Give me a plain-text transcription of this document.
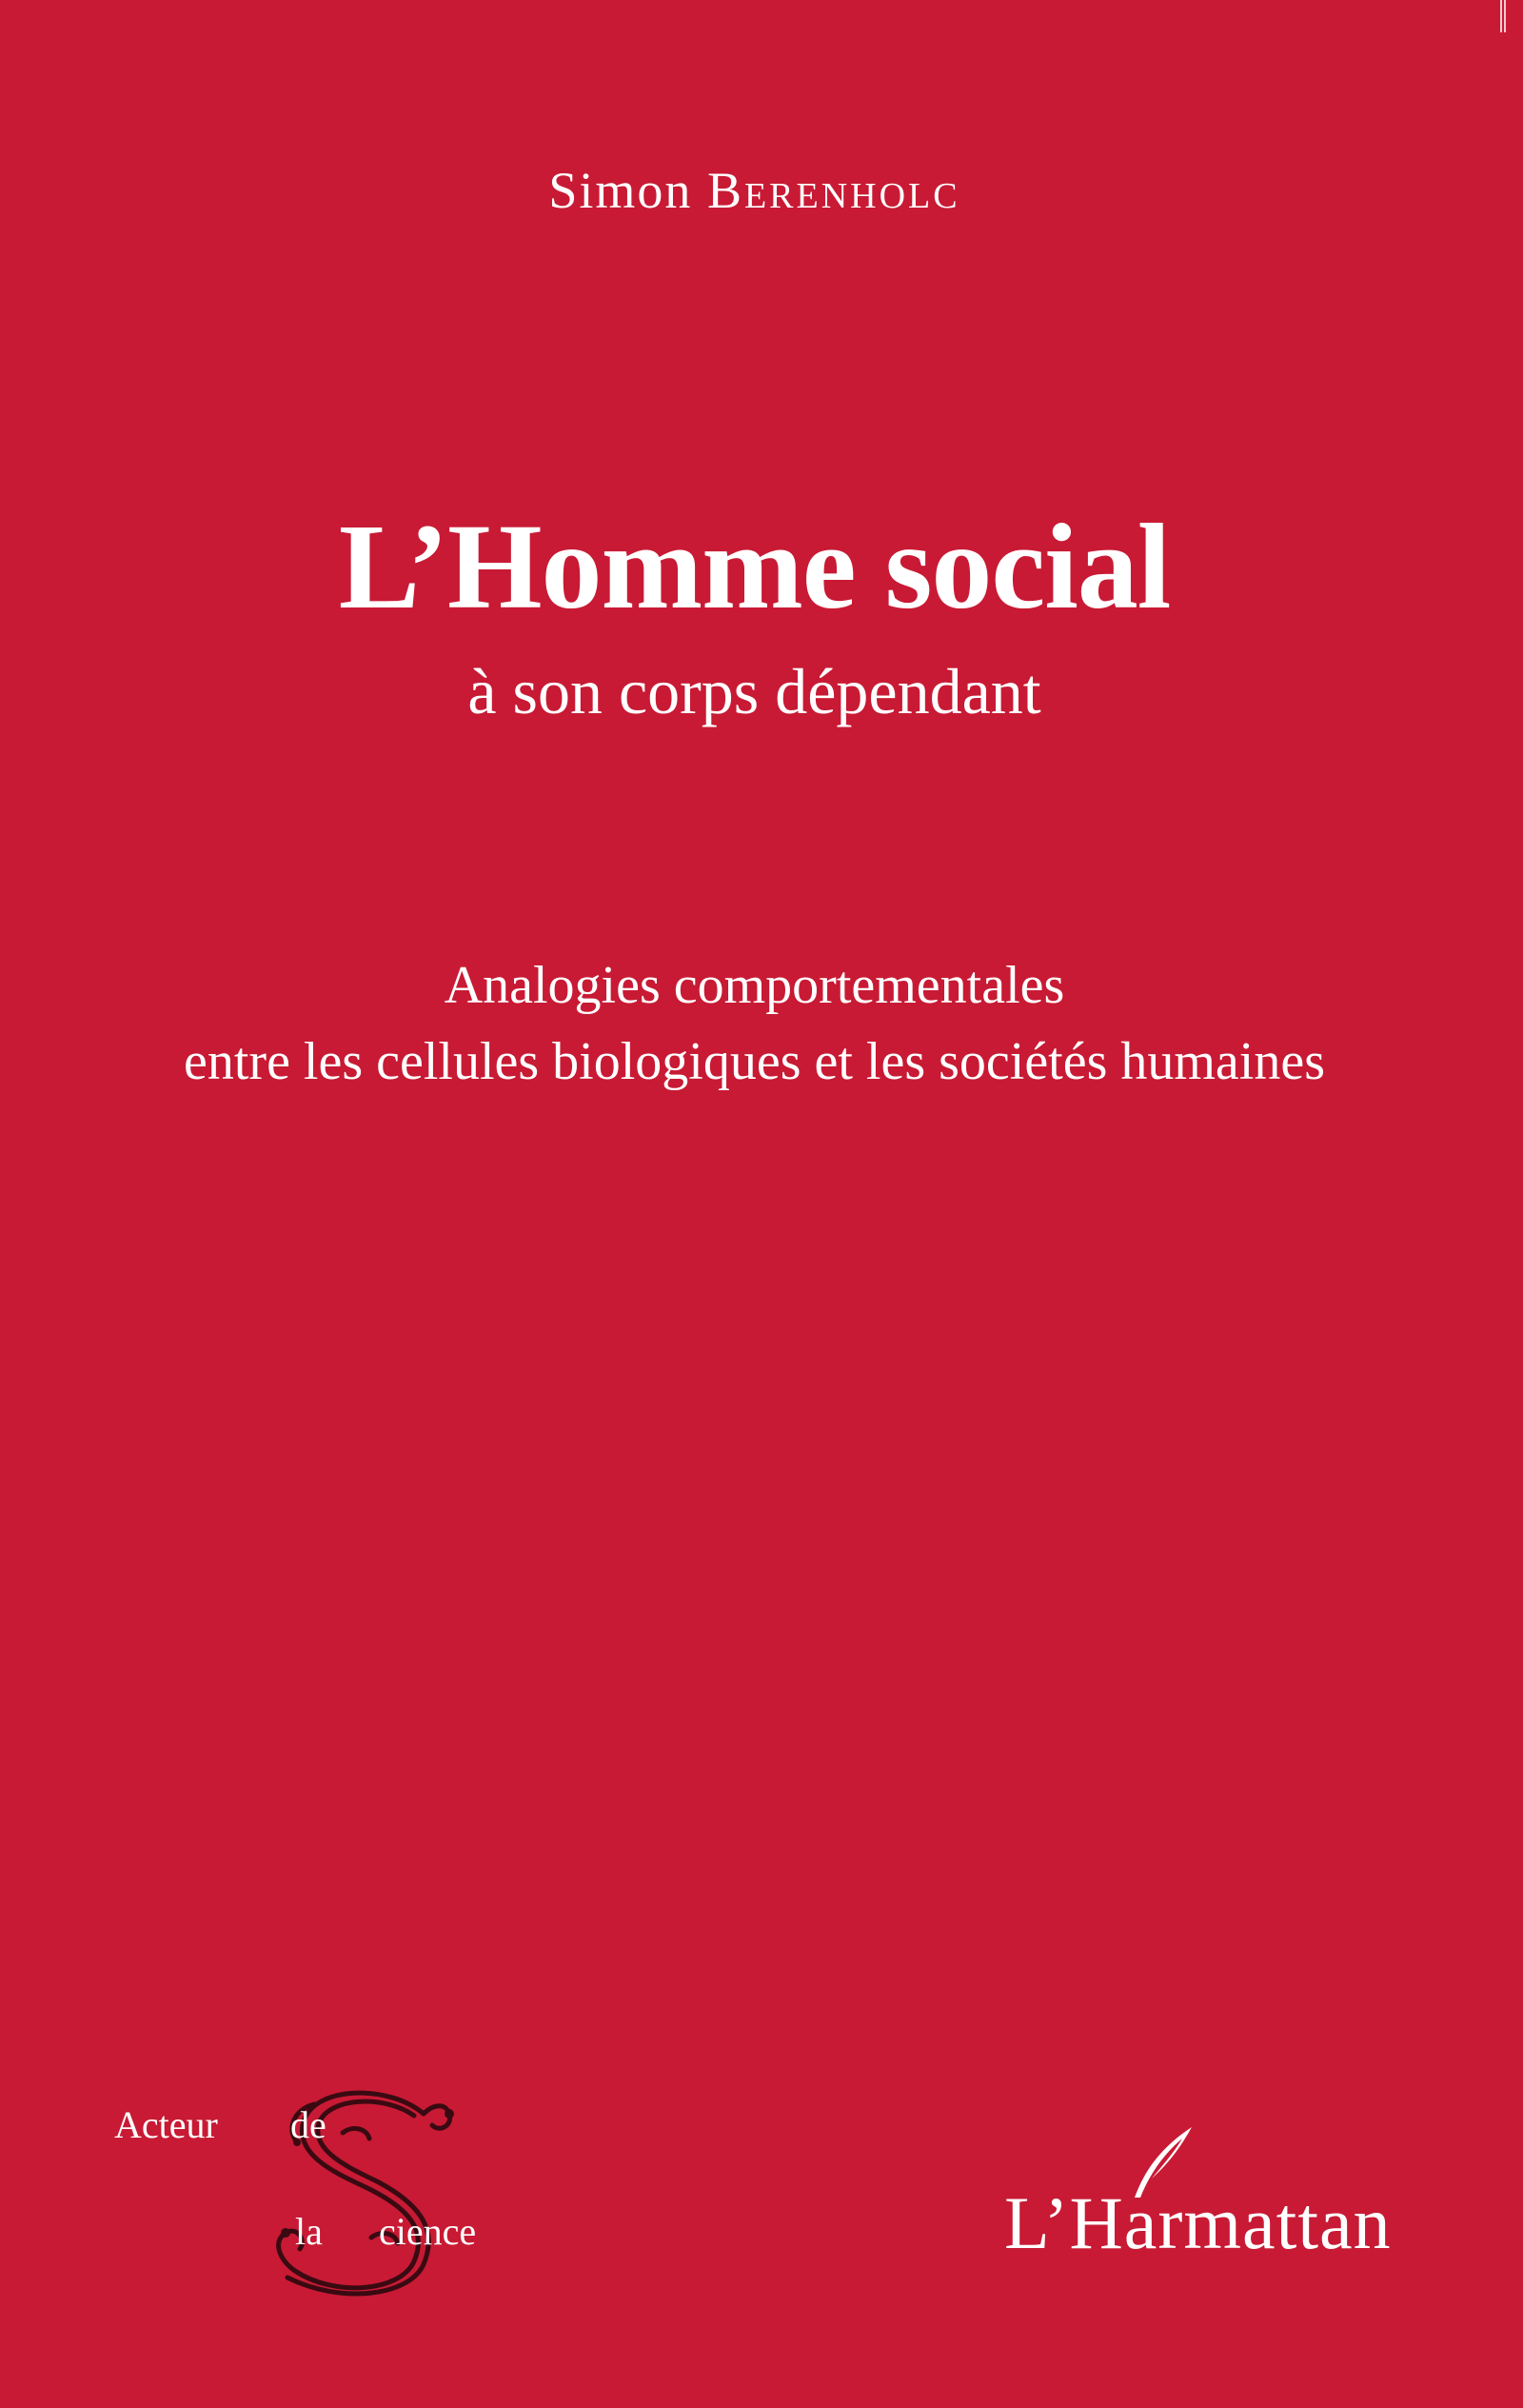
Simon Berenholc
L’Homme social
à son corps dépendant
Analogies comportementales
entre les cellules biologiques et les sociétés humaines
Acteur de
la cience	L’Harmattan
